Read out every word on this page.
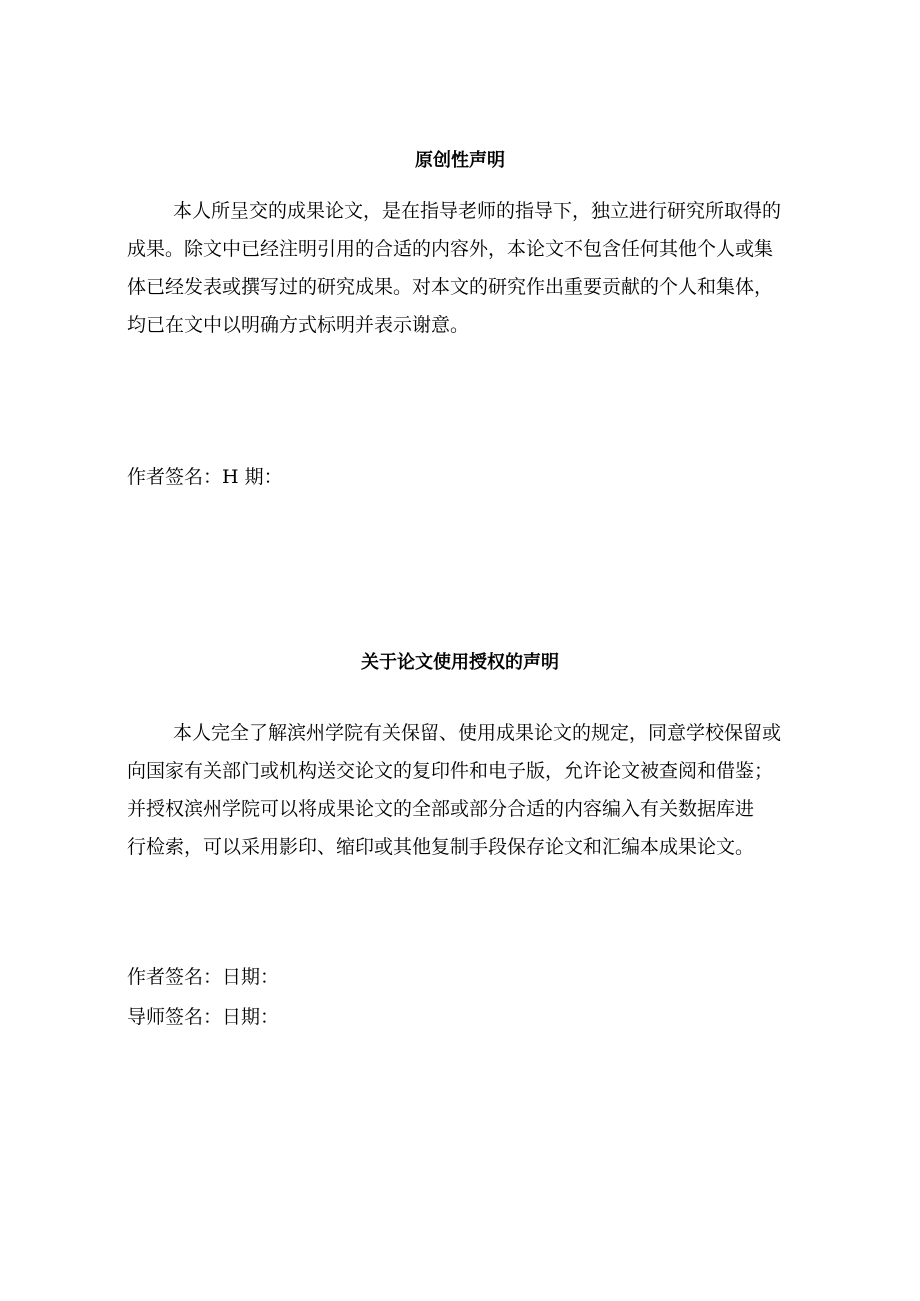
原创性声明
本人所呈交的成果论文，是在指导老师的指导下，独立进行研究所取得的
成果。除文中已经注明引用的合适的内容外，本论文不包含任何其他个人或集
体已经发表或撰写过的研究成果。对本文的研究作出重要贡献的个人和集体，
均已在文中以明确方式标明并表示谢意。
作者签名：H 期：
关于论文使用授权的声明
本人完全了解滨州学院有关保留、使用成果论文的规定，同意学校保留或
向国家有关部门或机构送交论文的复印件和电子版，允许论文被查阅和借鉴；
并授权滨州学院可以将成果论文的全部或部分合适的内容编入有关数据库进
行检索，可以采用影印、缩印或其他复制手段保存论文和汇编本成果论文。
作者签名：日期：
导师签名：日期：
